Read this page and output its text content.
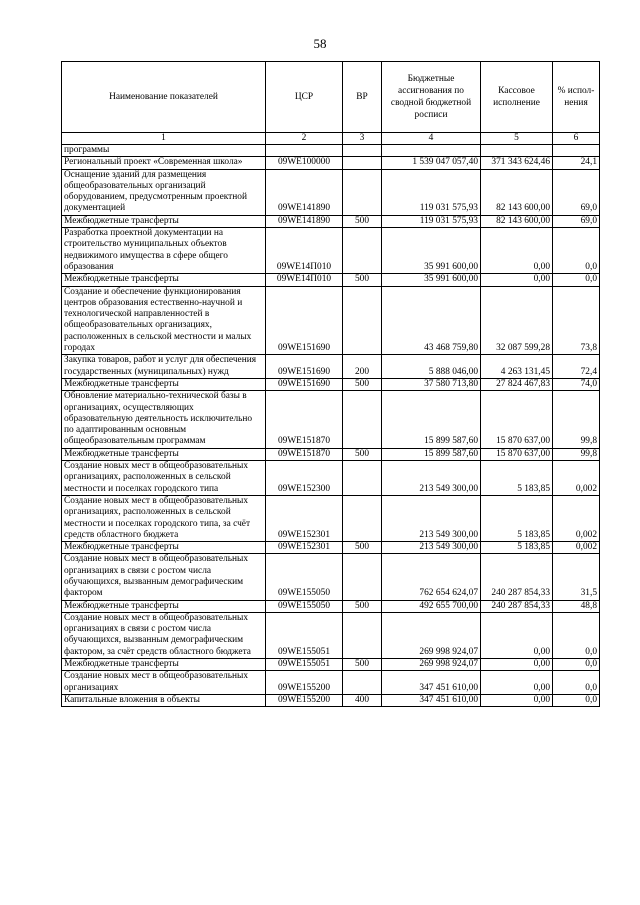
58
Наименование показателей	ЦСР	ВР	Бюджетные ассигнования по сводной бюджетной росписи	Кассовое исполнение	% испол-нения
1	2	3	4	5	6
программы					
Региональный проект «Современная школа»	09WE100000		1 539 047 057,40	371 343 624,46	24,1
Оснащение зданий для размещения общеобразовательных организаций оборудованием, предусмотренным проектной документацией	09WE141890		119 031 575,93	82 143 600,00	69,0
Межбюджетные трансферты	09WE141890	500	119 031 575,93	82 143 600,00	69,0
Разработка проектной документации на строительство муниципальных объектов недвижимого имущества в сфере общего образования	09WE14П010		35 991 600,00	0,00	0,0
Межбюджетные трансферты	09WE14П010	500	35 991 600,00	0,00	0,0
Создание и обеспечение функционирования центров образования естественно-научной и технологической направленностей в общеобразовательных организациях, расположенных в сельской местности и малых городах	09WE151690		43 468 759,80	32 087 599,28	73,8
Закупка товаров, работ и услуг для обеспечения государственных (муниципальных) нужд	09WE151690	200	5 888 046,00	4 263 131,45	72,4
Межбюджетные трансферты	09WE151690	500	37 580 713,80	27 824 467,83	74,0
Обновление материально-технической базы в организациях, осуществляющих образовательную деятельность исключительно по адаптированным основным общеобразовательным программам	09WE151870		15 899 587,60	15 870 637,00	99,8
Межбюджетные трансферты	09WE151870	500	15 899 587,60	15 870 637,00	99,8
Создание новых мест в общеобразовательных организациях, расположенных в сельской местности и поселках городского типа	09WE152300		213 549 300,00	5 183,85	0,002
Создание новых мест в общеобразовательных организациях, расположенных в сельской местности и поселках городского типа, за счёт средств областного бюджета	09WE152301		213 549 300,00	5 183,85	0,002
Межбюджетные трансферты	09WE152301	500	213 549 300,00	5 183,85	0,002
Создание новых мест в общеобразовательных организациях в связи с ростом числа обучающихся, вызванным демографическим фактором	09WE155050		762 654 624,07	240 287 854,33	31,5
Межбюджетные трансферты	09WE155050	500	492 655 700,00	240 287 854,33	48,8
Создание новых мест в общеобразовательных организациях в связи с ростом числа обучающихся, вызванным демографическим фактором, за счёт средств областного бюджета	09WE155051		269 998 924,07	0,00	0,0
Межбюджетные трансферты	09WE155051	500	269 998 924,07	0,00	0,0
Создание новых мест в общеобразовательных организациях	09WE155200		347 451 610,00	0,00	0,0
Капитальные вложения в объекты	09WE155200	400	347 451 610,00	0,00	0,0
